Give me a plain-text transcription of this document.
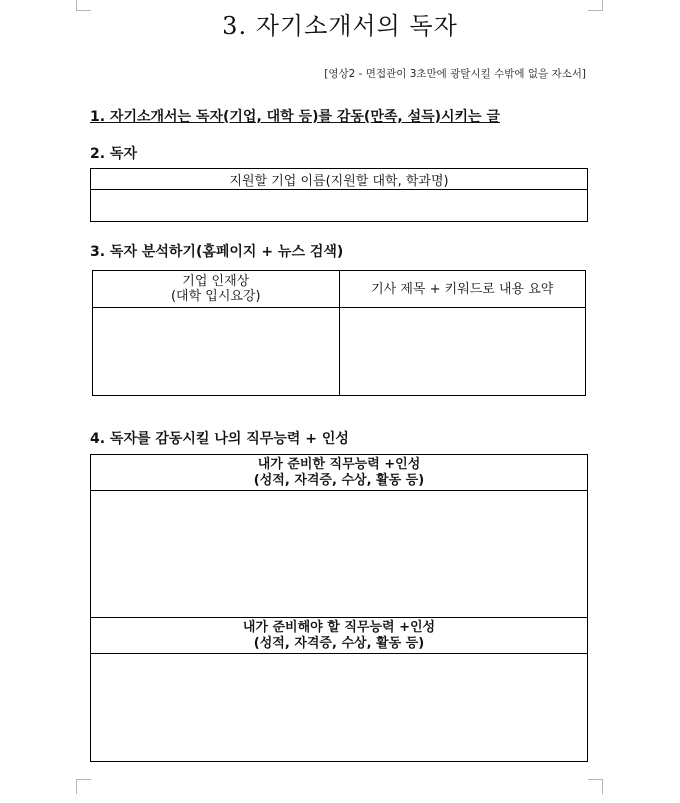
3. 자기소개서의 독자
[영상2 - 면접관이 3초만에 광탈시킬 수밖에 없을 자소서]
1. 자기소개서는 독자(기업, 대학 등)를 감동(만족, 설득)시키는 글
2. 독자
지원할 기업 이름(지원할 대학, 학과명)

3. 독자 분석하기(홈페이지 + 뉴스 검색)
기업 인재상
(대학 입시요강)	기사 제목 + 키워드로 내용 요약

4. 독자를 감동시킬 나의 직무능력 + 인성
내가 준비한 직무능력 +인성
(성적, 자격증, 수상, 활동 등)

내가 준비해야 할 직무능력 +인성
(성적, 자격증, 수상, 활동 등)
